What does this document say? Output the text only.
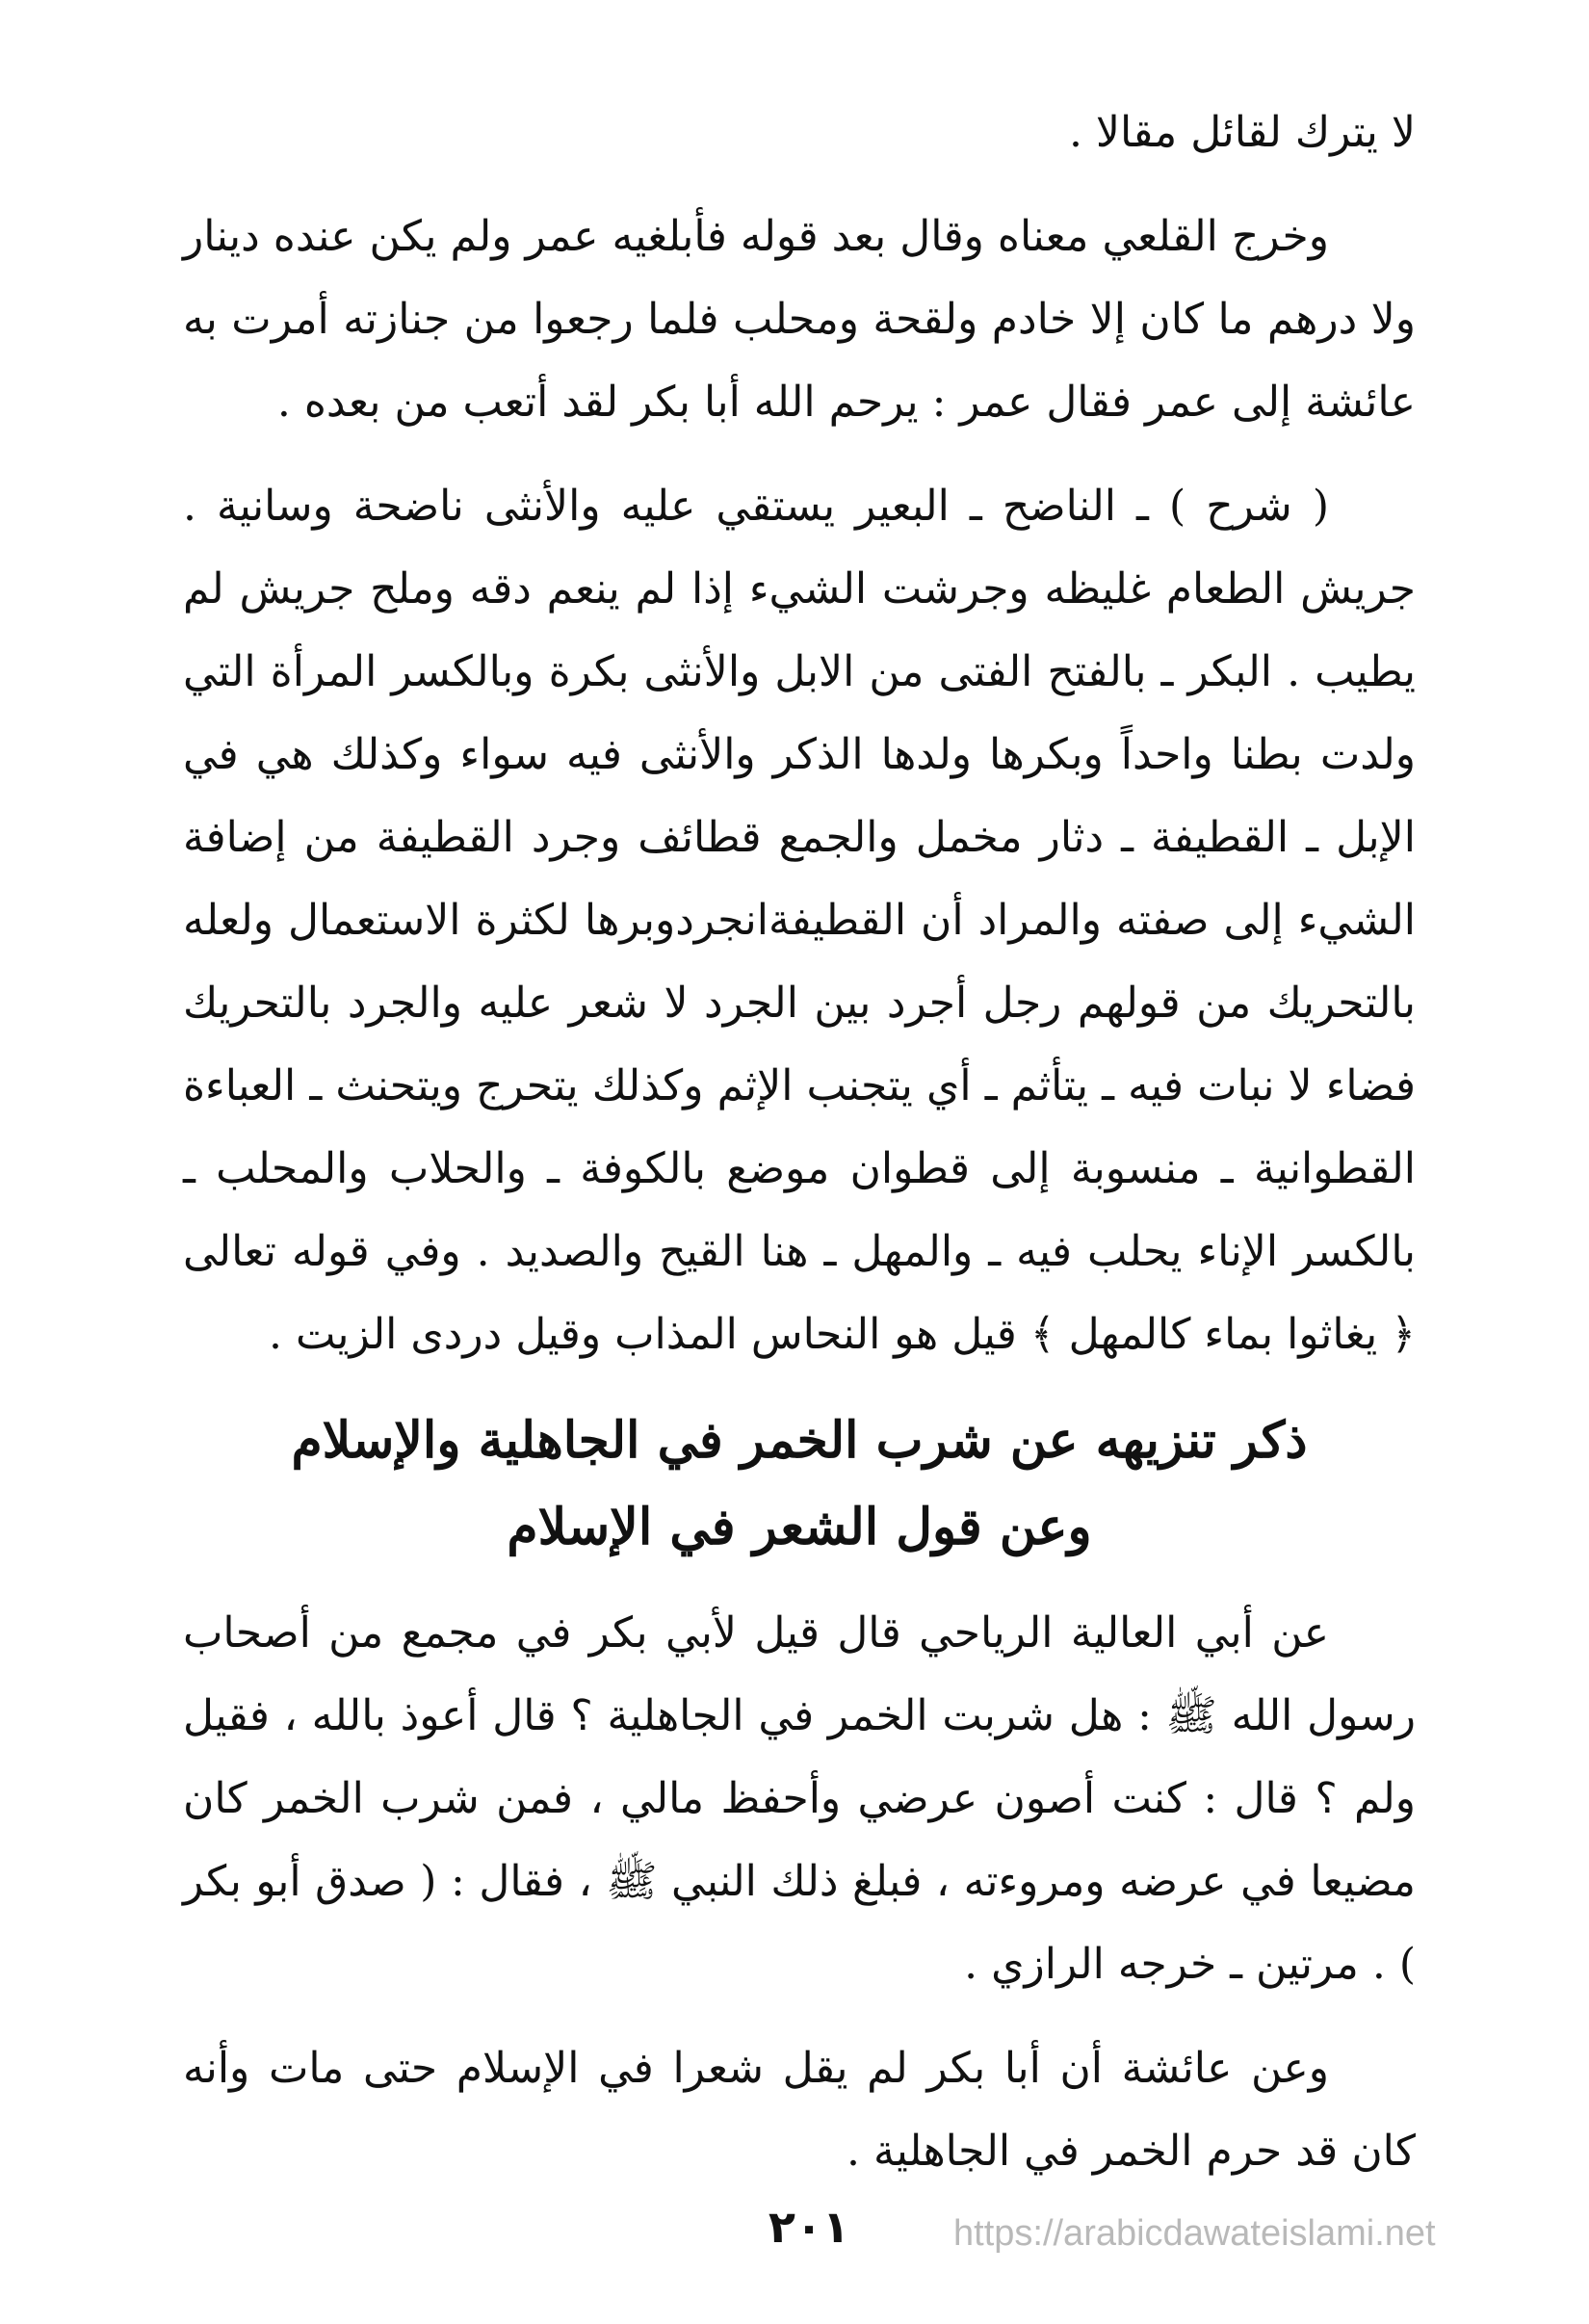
لا يترك لقائل مقالا .

وخرج القلعي معناه وقال بعد قوله فأبلغيه عمر ولم يكن عنده دينار ولا درهم ما كان إلا خادم ولقحة ومحلب فلما رجعوا من جنازته أمرت به عائشة إلى عمر فقال عمر : يرحم الله أبا بكر لقد أتعب من بعده .

( شرح ) ـ الناضح ـ البعير يستقي عليه والأنثى ناضحة وسانية . جريش الطعام غليظه وجرشت الشيء إذا لم ينعم دقه وملح جريش لم يطيب . البكر ـ بالفتح الفتى من الابل والأنثى بكرة وبالكسر المرأة التي ولدت بطنا واحداً وبكرها ولدها الذكر والأنثى فيه سواء وكذلك هي في الإبل ـ القطيفة ـ دثار مخمل والجمع قطائف وجرد القطيفة من إضافة الشيء إلى صفته والمراد أن القطيفةانجردوبرها لكثرة الاستعمال ولعله بالتحريك من قولهم رجل أجرد بين الجرد لا شعر عليه والجرد بالتحريك فضاء لا نبات فيه ـ يتأثم ـ أي يتجنب الإثم وكذلك يتحرج ويتحنث ـ العباءة القطوانية ـ منسوبة إلى قطوان موضع بالكوفة ـ والحلاب والمحلب ـ بالكسر الإناء يحلب فيه ـ والمهل ـ هنا القيح والصديد . وفي قوله تعالى ﴿ يغاثوا بماء كالمهل ﴾ قيل هو النحاس المذاب وقيل دردى الزيت .

ذكر تنزيهه عن شرب الخمر في الجاهلية والإسلام

وعن قول الشعر في الإسلام

عن أبي العالية الرياحي قال قيل لأبي بكر في مجمع من أصحاب رسول الله ﷺ : هل شربت الخمر في الجاهلية ؟ قال أعوذ بالله ، فقيل ولم ؟ قال : كنت أصون عرضي وأحفظ مالي ، فمن شرب الخمر كان مضيعا في عرضه ومروءته ، فبلغ ذلك النبي ﷺ ، فقال : ( صدق أبو بكر ) . مرتين ـ خرجه الرازي .

وعن عائشة أن أبا بكر لم يقل شعرا في الإسلام حتى مات وأنه كان قد حرم الخمر في الجاهلية .

٢٠١	https://arabicdawateislami.net
